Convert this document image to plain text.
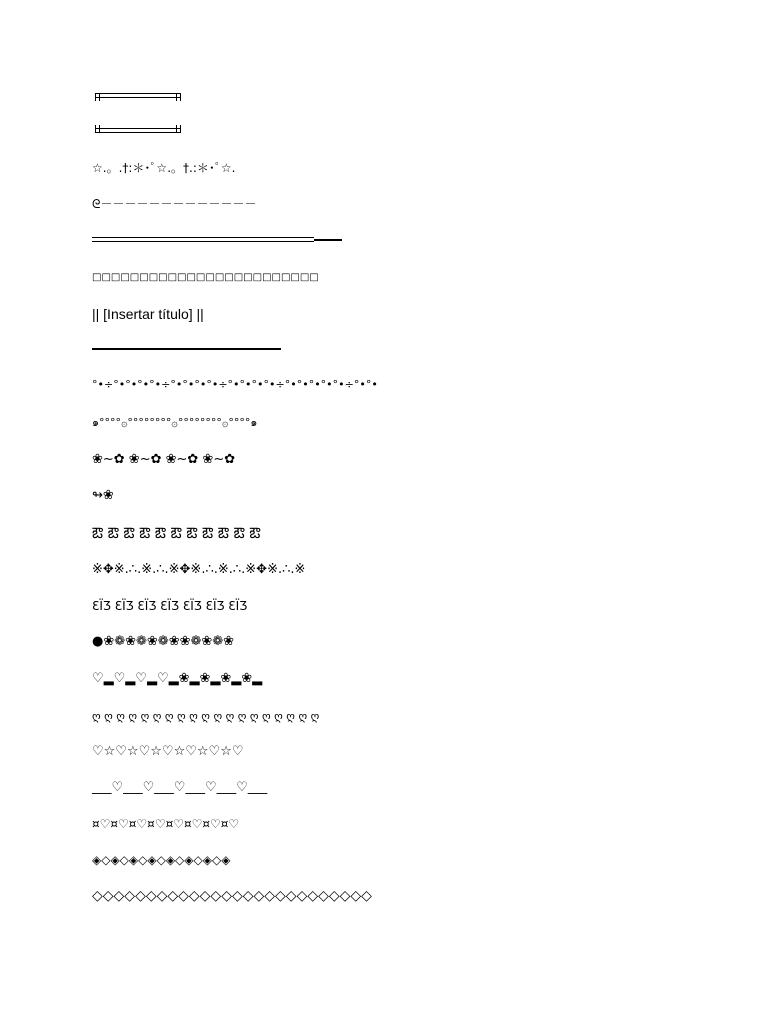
☆.。.†:＊･ﾟ☆.。†.:＊･ﾟ☆.
ᘓ－－－－－－－－－－－－－
□□□□□□□□□□□□□□□□□□□□□□□□
|| [Insertar título] ||
°•÷°•°•°•°•÷°•°•°•°•÷°•°•°•°•÷°•°•°•°•°•÷°•°•
๑°°°°۞°°°°°°°°۞°°°°°°°°۞°°°°๑
❀~✿ ❀~✿ ❀~✿ ❀~✿
↬❀
ఔ ఔ ఔ ఔ ఔ ఔ ఔ ఔ ఔ ఔ ఔ
※✥※.∴.※.∴.※✥※.∴.※.∴.※✥※.∴.※
ƐЇƷ ƐЇƷ ƐЇƷ ƐЇƷ ƐЇƷ ƐЇƷ ƐЇƷ
●❀❁❀❁❀❁❀❀❁❀❁❀
♡▂♡▂♡▂♡▂❀▂❀▂❀▂❀▂
ღ ღ ღ ღ ღ ღ ღ ღ ღ ღ ღ ღ ღ ღ ღ ღ ღ ღ ღ
♡☆♡☆♡☆♡☆♡☆♡☆♡
___♡___♡___♡___♡___♡___
¤♡¤♡¤♡¤♡¤♡¤♡¤♡¤♡
◈◇◈◇◈◇◈◇◈◇◈◇◈◇◈
◇◇◇◇◇◇◇◇◇◇◇◇◇◇◇◇◇◇◇◇◇◇◇◇◇◇
